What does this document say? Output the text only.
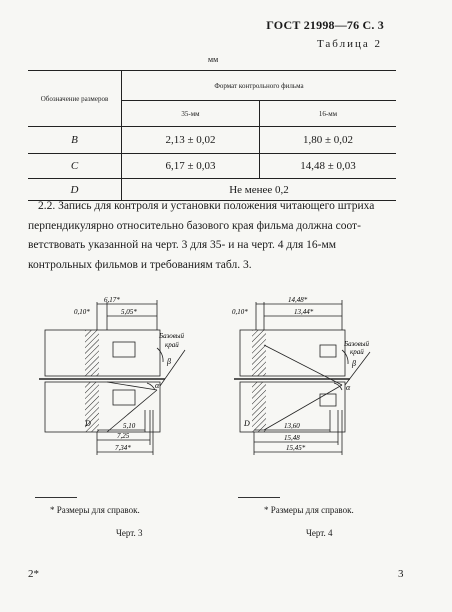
ГОСТ 21998—76 С. 3
Таблица 2
мм
Обозначение размеров	Формат контрольного фильма	
	35-мм	16-мм
B	2,13 ± 0,02	1,80 ± 0,02
C	6,17 ± 0,03	14,48 ± 0,03
D	Не менее 0,2	
2.2. Запись для контроля и установки положения читающего штриха
перпендикулярно относительно базового края фильма должна соот-
ветствовать указанной на черт. 3 для 35- и на черт. 4 для 16-мм
контрольных фильмов и требованиям табл. 3.
6,17*
5,05*
0,10*
5,10
7,25
7,34*
Базовый
край
β
α
D
14,48*
13,44*
0,10*
13,60
15,48
15,45*
Базовый
край
β
α
D
* Размеры для справок.	* Размеры для справок.
Черт. 3	Черт. 4
2*	3
